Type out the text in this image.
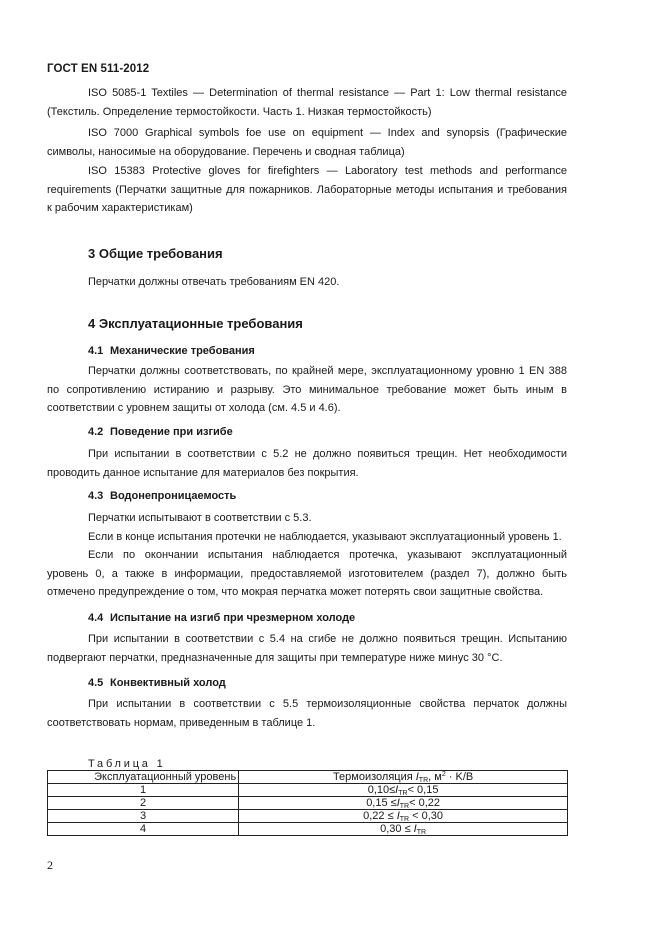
ГОСТ EN 511-2012
ISO 5085-1 Textiles — Determination of thermal resistance — Part 1: Low thermal resistance
(Текстиль. Определение термостойкости. Часть 1. Низкая термостойкость)
ISO 7000 Graphical symbols foe use on equipment — Index and synopsis (Графические
символы, наносимые на оборудование. Перечень и сводная таблица)
ISO 15383 Protective gloves for firefighters — Laboratory test methods and performance
requirements (Перчатки защитные для пожарников. Лабораторные методы испытания и требования
к рабочим характеристикам)
3 Общие требования
Перчатки должны отвечать требованиям EN 420.
4 Эксплуатационные требования
4.1 Механические требования
Перчатки должны соответствовать, по крайней мере, эксплуатационному уровню 1 EN 388
по сопротивлению истиранию и разрыву. Это минимальное требование может быть иным в
соответствии с уровнем защиты от холода (см. 4.5 и 4.6).
4.2 Поведение при изгибе
При испытании в соответствии с 5.2 не должно появиться трещин. Нет необходимости
проводить данное испытание для материалов без покрытия.
4.3 Водонепроницаемость
Перчатки испытывают в соответствии с 5.3.
Если в конце испытания протечки не наблюдается, указывают эксплуатационный уровень 1.
Если по окончании испытания наблюдается протечка, указывают эксплуатационный
уровень 0, а также в информации, предоставляемой изготовителем (раздел 7), должно быть
отмечено предупреждение о том, что мокрая перчатка может потерять свои защитные свойства.
4.4 Испытание на изгиб при чрезмерном холоде
При испытании в соответствии с 5.4 на сгибе не должно появиться трещин. Испытанию
подвергают перчатки, предназначенные для защиты при температуре ниже минус 30 °C.
4.5 Конвективный холод
При испытании в соответствии с 5.5 термоизоляционные свойства перчаток должны
соответствовать нормам, приведенным в таблице 1.
Таблица 1
Эксплуатационный уровень	Термоизоляция $I_{TR}$, $м^2 \cdot K/B$
1	$0,10\le I_{TR}< 0,15$
2	$0,15 \le I_{TR}< 0,22$
3	$0,22 \le I_{TR} < 0,30$
4	$0,30 \le I_{TR}$
2
